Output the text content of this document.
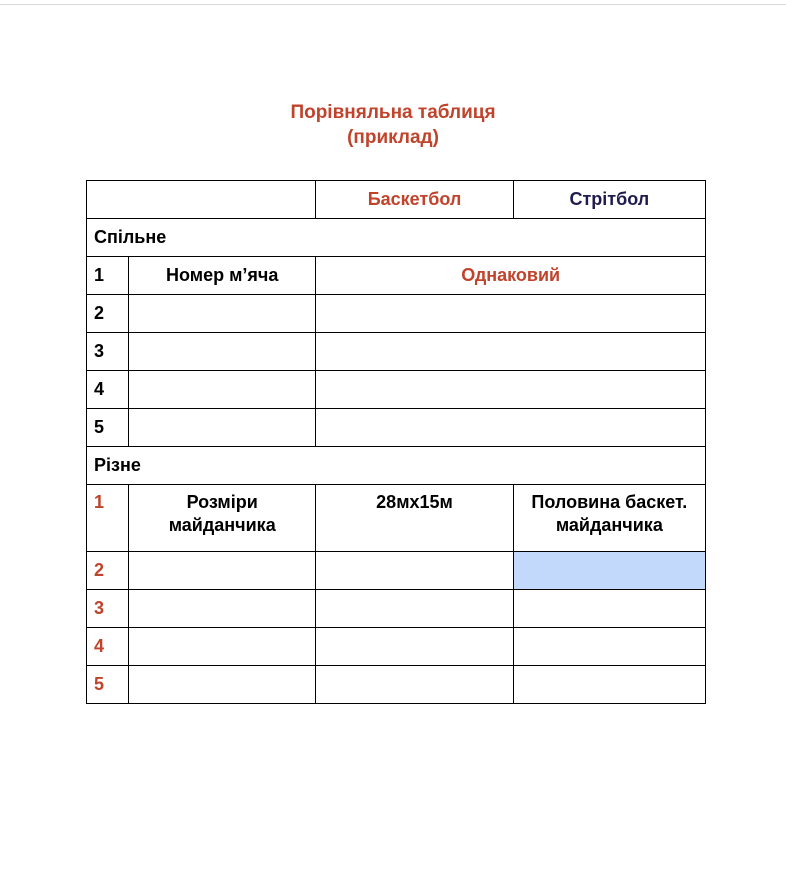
Порівняльна таблиця
(приклад)
		Баскетбол	Стрітбол
Спільне			
1	Номер м’яча	Однаковий	
2			
3			
4			
5			
Різне			
1	Розміри майданчика	28мх15м	Половина баскет. майданчика
2			
3			
4			
5			
